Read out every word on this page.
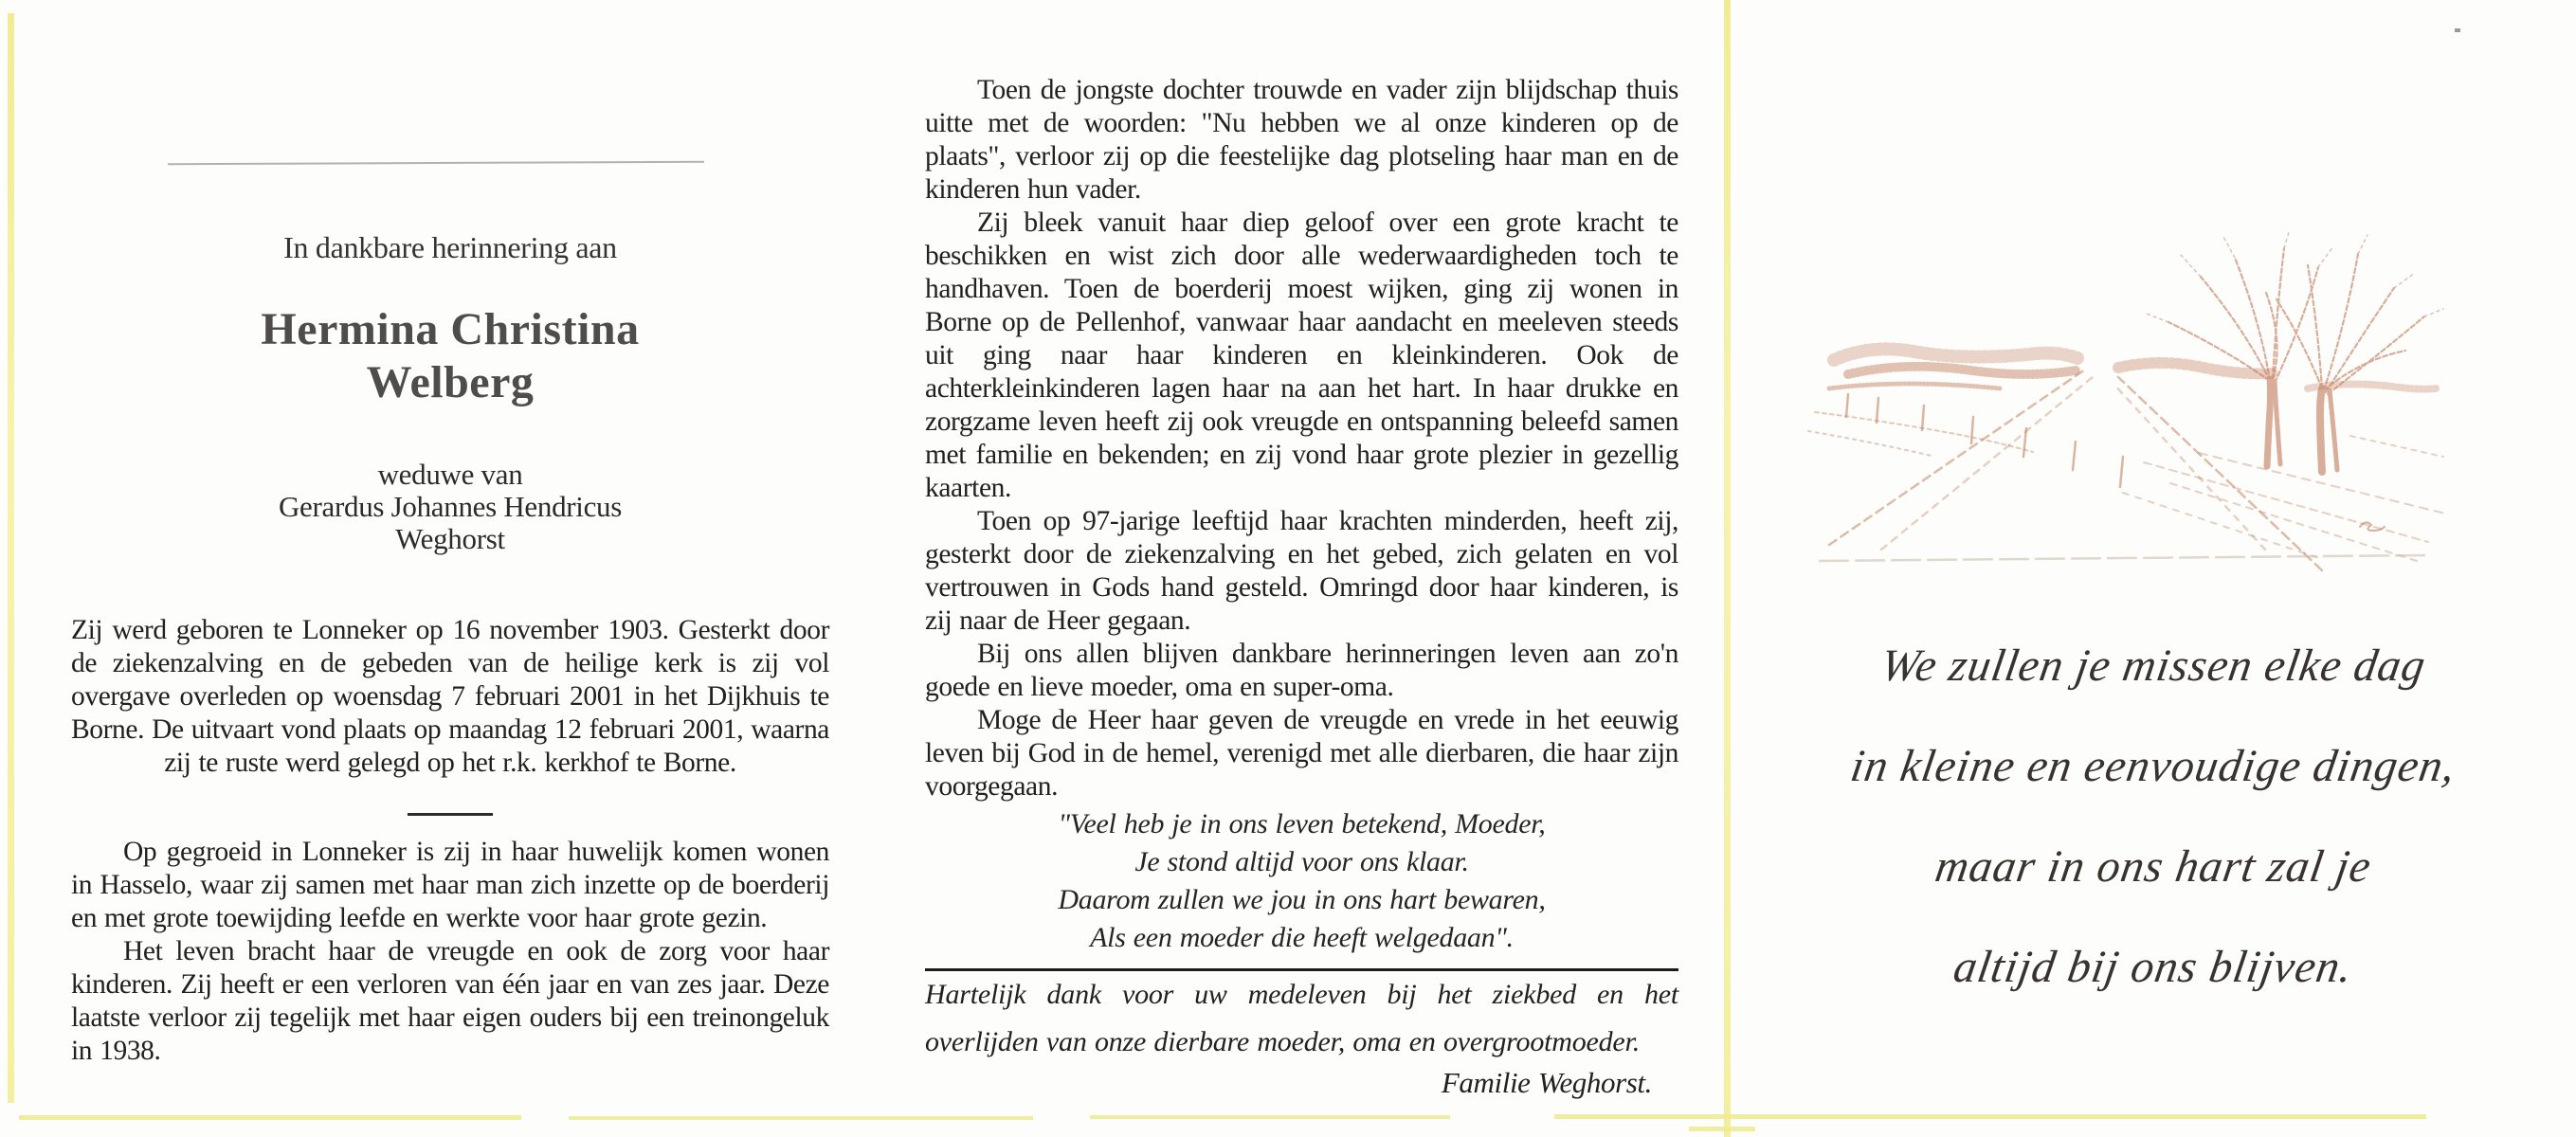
In dankbare herinnering aan
Hermina Christina
Welberg
weduwe van
Gerardus Johannes Hendricus
Weghorst

Zij werd geboren te Lonneker op 16 november 1903. Gesterkt door de ziekenzalving en de gebeden van de heilige kerk is zij vol overgave overleden op woensdag 7 februari 2001 in het Dijkhuis te Borne. De uitvaart vond plaats op maandag 12 februari 2001, waarna zij te ruste werd gelegd op het r.k. kerkhof te Borne.

Op gegroeid in Lonneker is zij in haar huwelijk komen wonen in Hasselo, waar zij samen met haar man zich inzette op de boerderij en met grote toewijding leefde en werkte voor haar grote gezin.

Het leven bracht haar de vreugde en ook de zorg voor haar kinderen. Zij heeft er een verloren van één jaar en van zes jaar. Deze laatste verloor zij tegelijk met haar eigen ouders bij een treinongeluk in 1938.

Toen de jongste dochter trouwde en vader zijn blijdschap thuis uitte met de woorden: "Nu hebben we al onze kinderen op de plaats", verloor zij op die feestelijke dag plotseling haar man en de kinderen hun vader.

Zij bleek vanuit haar diep geloof over een grote kracht te beschikken en wist zich door alle wederwaardigheden toch te handhaven. Toen de boerderij moest wijken, ging zij wonen in Borne op de Pellenhof, vanwaar haar aandacht en meeleven steeds uit ging naar haar kinderen en kleinkinderen. Ook de achterkleinkinderen lagen haar na aan het hart. In haar drukke en zorgzame leven heeft zij ook vreugde en ontspanning beleefd samen met familie en bekenden; en zij vond haar grote plezier in gezellig kaarten.

Toen op 97-jarige leeftijd haar krachten minderden, heeft zij, gesterkt door de ziekenzalving en het gebed, zich gelaten en vol vertrouwen in Gods hand gesteld. Omringd door haar kinderen, is zij naar de Heer gegaan.

Bij ons allen blijven dankbare herinneringen leven aan zo'n goede en lieve moeder, oma en super-oma.

Moge de Heer haar geven de vreugde en vrede in het eeuwig leven bij God in de hemel, verenigd met alle dierbaren, die haar zijn voorgegaan.

"Veel heb je in ons leven betekend, Moeder,
Je stond altijd voor ons klaar.
Daarom zullen we jou in ons hart bewaren,
Als een moeder die heeft welgedaan".

Hartelijk dank voor uw medeleven bij het ziekbed en het overlijden van onze dierbare moeder, oma en overgrootmoeder.

Familie Weghorst.

We zullen je missen elke dag
in kleine en eenvoudige dingen,
maar in ons hart zal je
altijd bij ons blijven.
